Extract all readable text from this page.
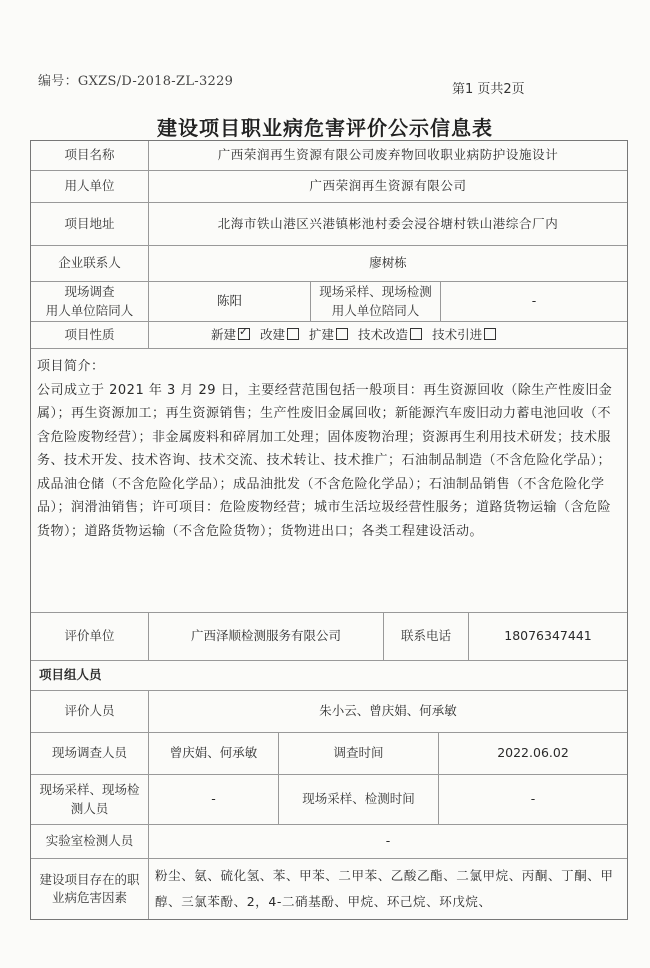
编号：GXZS/D-2018-ZL-3229
第1 页共2页
建设项目职业病危害评价公示信息表
项目名称	广西荣润再生资源有限公司废弃物回收职业病防护设施设计
用人单位	广西荣润再生资源有限公司
项目地址	北海市铁山港区兴港镇彬池村委会浸谷塘村铁山港综合厂内
企业联系人	廖树栋
现场调查
用人单位陪同人
陈阳
现场采样、现场检测
用人单位陪同人
-
项目性质	新建✓	改建	扩建	技术改造	技术引进
项目简介：
公司成立于 2021 年 3 月 29 日，主要经营范围包括一般项目：再生资源回收（除生产性废旧金属）；再生资源加工；再生资源销售；生产性废旧金属回收；新能源汽车废旧动力蓄电池回收（不含危险废物经营）；非金属废料和碎屑加工处理；固体废物治理；资源再生利用技术研发；技术服务、技术开发、技术咨询、技术交流、技术转让、技术推广；石油制品制造（不含危险化学品）；成品油仓储（不含危险化学品）；成品油批发（不含危险化学品）；石油制品销售（不含危险化学品）；润滑油销售；许可项目：危险废物经营；城市生活垃圾经营性服务；道路货物运输（含危险货物）；道路货物运输（不含危险货物）；货物进出口；各类工程建设活动。
评价单位	广西泽顺检测服务有限公司	联系电话	18076347441
项目组人员
评价人员	朱小云、曾庆娟、何承敏
现场调查人员	曾庆娟、何承敏	调查时间	2022.06.02
现场采样、现场检
测人员
-	现场采样、检测时间	-
实验室检测人员	-
建设项目存在的职
业病危害因素
粉尘、氨、硫化氢、苯、甲苯、二甲苯、乙酸乙酯、二氯甲烷、丙酮、丁酮、甲醇、三氯苯酚、2，4-二硝基酚、甲烷、环己烷、环戊烷、
